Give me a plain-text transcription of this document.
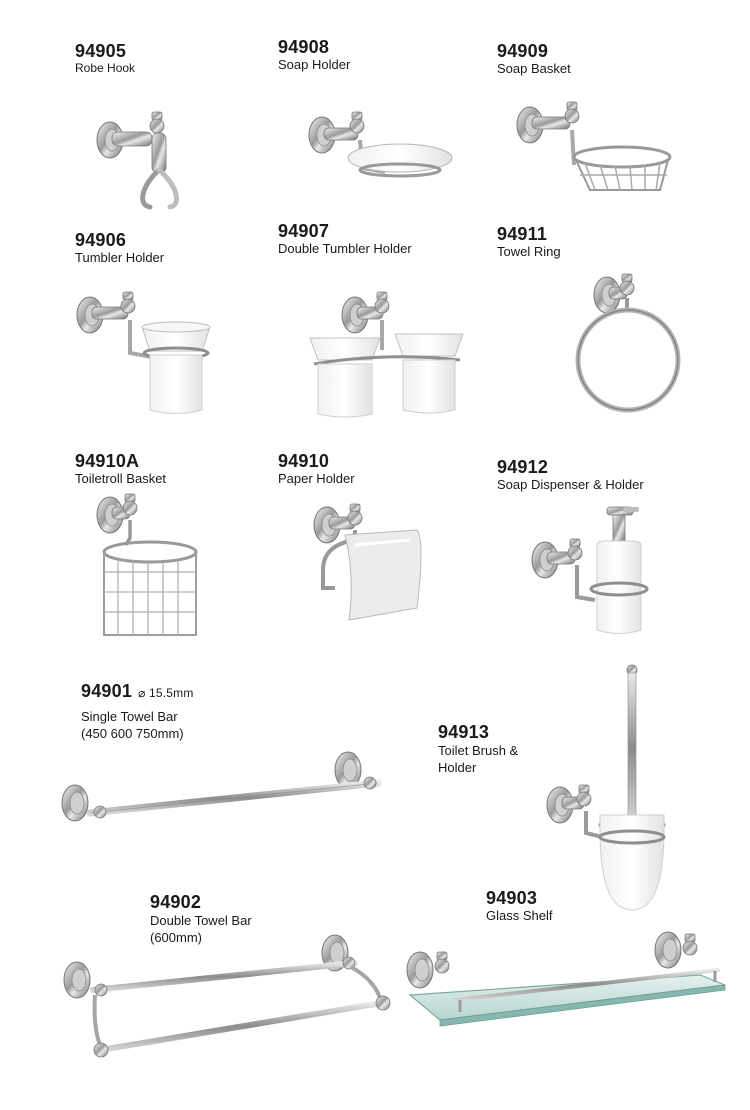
94905
Robe Hook
94908
Soap Holder
94909
Soap Basket
94906
Tumbler Holder
94907
Double Tumbler Holder
94911
Towel Ring
94910A
Toiletroll Basket
94910
Paper Holder
94912
Soap Dispenser & Holder
94901 ⌀ 15.5mm
Single Towel Bar
(450 600 750mm)	94913
Toilet Brush &
Holder
94902
Double Towel Bar
(600mm)
94903
Glass Shelf
